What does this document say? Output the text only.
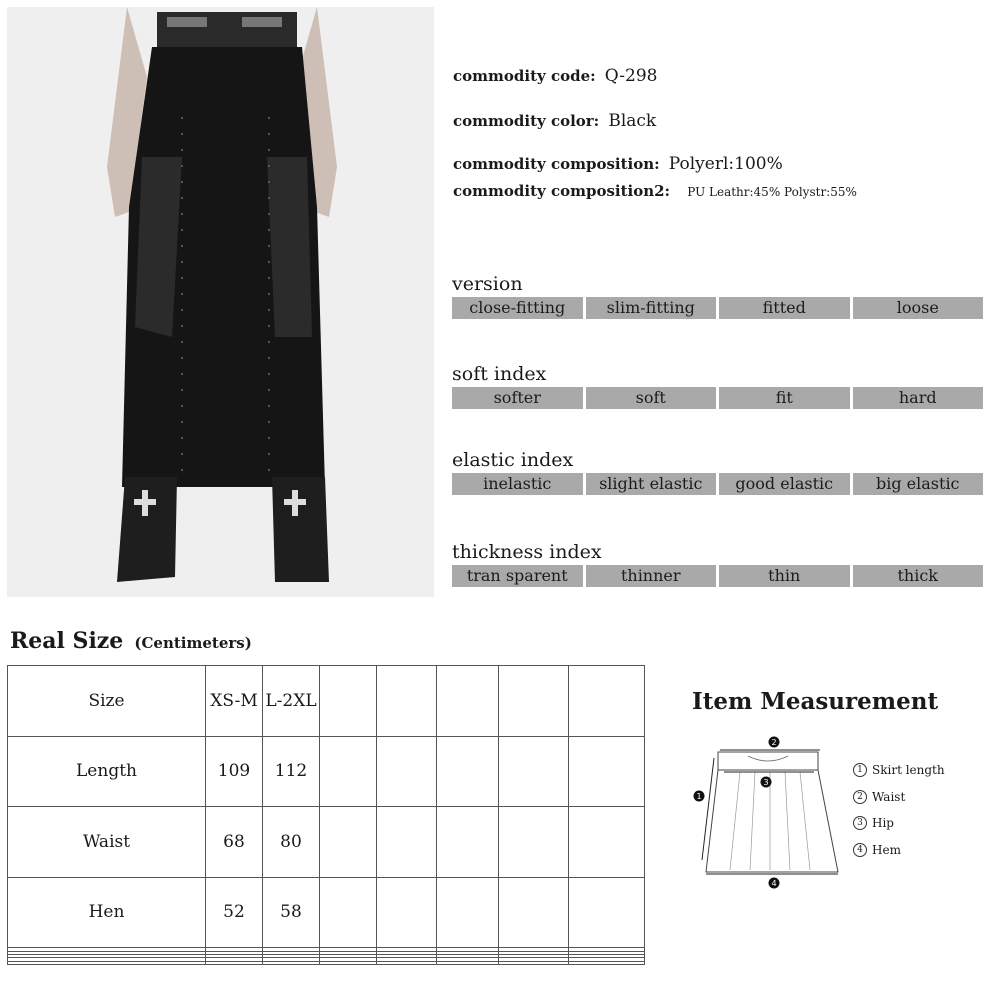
commodity code: Q-298
commodity color: Black
commodity composition: Polyerl:100%
commodity composition2: PU Leathr:45% Polystr:55%
version
close-fitting	slim-fitting	fitted	loose
soft index
softer	soft	fit	hard
elastic index
inelastic	slight elastic	good elastic	big elastic
thickness index
tran sparent	thinner	thin	thick
Real Size (Centimeters)
Size	XS-M	L-2XL					
Length	109	112					
Waist	68	80					
Hen	52	58					

Item Measurement
2
3
1
4
1 Skirt length
2 Waist
3 Hip
4 Hem
